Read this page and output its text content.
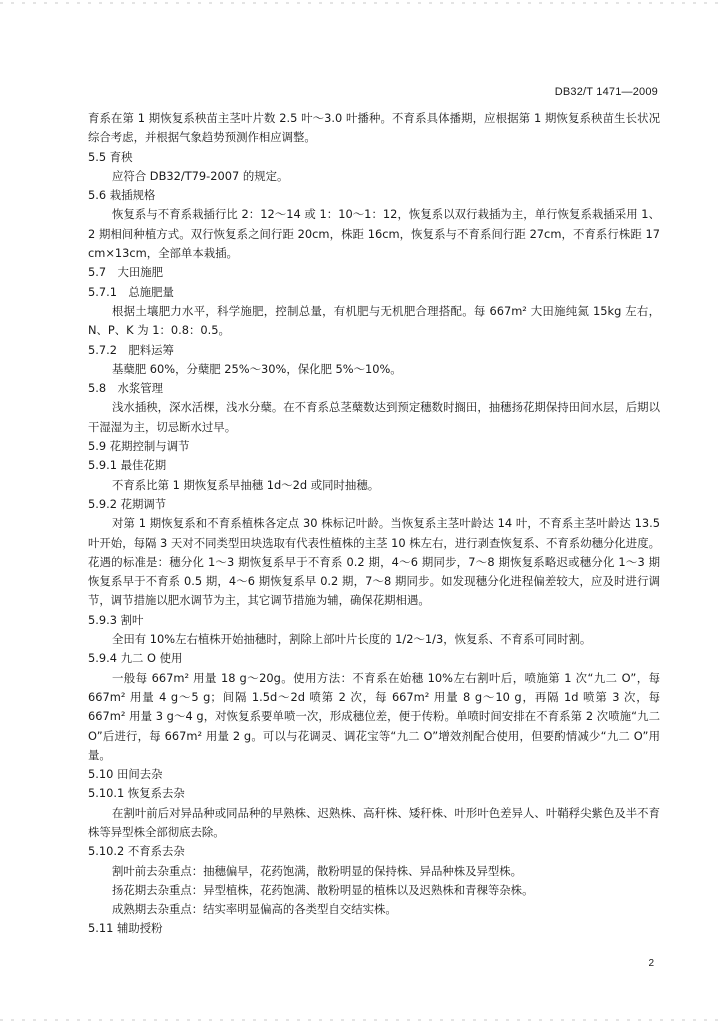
DB32/T 1471—2009

育系在第 1 期恢复系秧苗主茎叶片数 2.5 叶～3.0 叶播种。不育系具体播期，应根据第 1 期恢复系秧苗生长状况综合考虑，并根据气象趋势预测作相应调整。

5.5 育秧

应符合 DB32/T79-2007 的规定。

5.6 栽插规格

恢复系与不育系栽插行比 2：12～14 或 1：10～1：12，恢复系以双行栽插为主，单行恢复系栽插采用 1、2 期相间种植方式。双行恢复系之间行距 20cm，株距 16cm，恢复系与不育系间行距 27cm，不育系行株距 17 cm×13cm，全部单本栽插。

5.7　大田施肥

5.7.1　总施肥量

根据土壤肥力水平，科学施肥，控制总量，有机肥与无机肥合理搭配。每 667m² 大田施纯氮 15kg 左右，N、P、K 为 1：0.8：0.5。

5.7.2　肥料运筹

基蘖肥 60%，分蘖肥 25%～30%，保化肥 5%～10%。

5.8　水浆管理

浅水插秧，深水活棵，浅水分蘖。在不育系总茎蘖数达到预定穗数时搁田，抽穗扬花期保持田间水层，后期以干湿湿为主，切忌断水过早。

5.9 花期控制与调节

5.9.1 最佳花期

不育系比第 1 期恢复系早抽穗 1d～2d 或同时抽穗。

5.9.2 花期调节

对第 1 期恢复系和不育系植株各定点 30 株标记叶龄。当恢复系主茎叶龄达 14 叶，不育系主茎叶龄达 13.5 叶开始，每隔 3 天对不同类型田块选取有代表性植株的主茎 10 株左右，进行剥查恢复系、不育系幼穗分化进度。花遇的标准是：穗分化 1～3 期恢复系早于不育系 0.2 期，4～6 期同步，7～8 期恢复系略迟或穗分化 1～3 期恢复系早于不育系 0.5 期，4～6 期恢复系早 0.2 期，7～8 期同步。如发现穗分化进程偏差较大，应及时进行调节，调节措施以肥水调节为主，其它调节措施为辅，确保花期相遇。

5.9.3 割叶

全田有 10%左右植株开始抽穗时，割除上部叶片长度的 1/2～1/3，恢复系、不育系可同时割。

5.9.4 九二 O 使用

一般每 667m² 用量 18 g～20g。使用方法：不育系在始穗 10%左右割叶后，喷施第 1 次“九二 O”，每 667m² 用量 4 g～5 g；间隔 1.5d～2d 喷第 2 次，每 667m² 用量 8 g～10 g，再隔 1d 喷第 3 次，每 667m² 用量 3 g～4 g，对恢复系要单喷一次，形成穗位差，便于传粉。单喷时间安排在不育系第 2 次喷施“九二 O”后进行，每 667m² 用量 2 g。可以与花调灵、调花宝等“九二 O”增效剂配合使用，但要酌情减少“九二 O”用量。

5.10 田间去杂

5.10.1 恢复系去杂

在割叶前后对异品种或同品种的早熟株、迟熟株、高秆株、矮秆株、叶形叶色差异人、叶鞘稃尖紫色及半不育株等异型株全部彻底去除。

5.10.2 不育系去杂

割叶前去杂重点：抽穗偏早，花药饱满，散粉明显的保持株、异品种株及异型株。

扬花期去杂重点：异型植株，花药饱满、散粉明显的植株以及迟熟株和青稞等杂株。

成熟期去杂重点：结实率明显偏高的各类型自交结实株。

5.11 辅助授粉

2
